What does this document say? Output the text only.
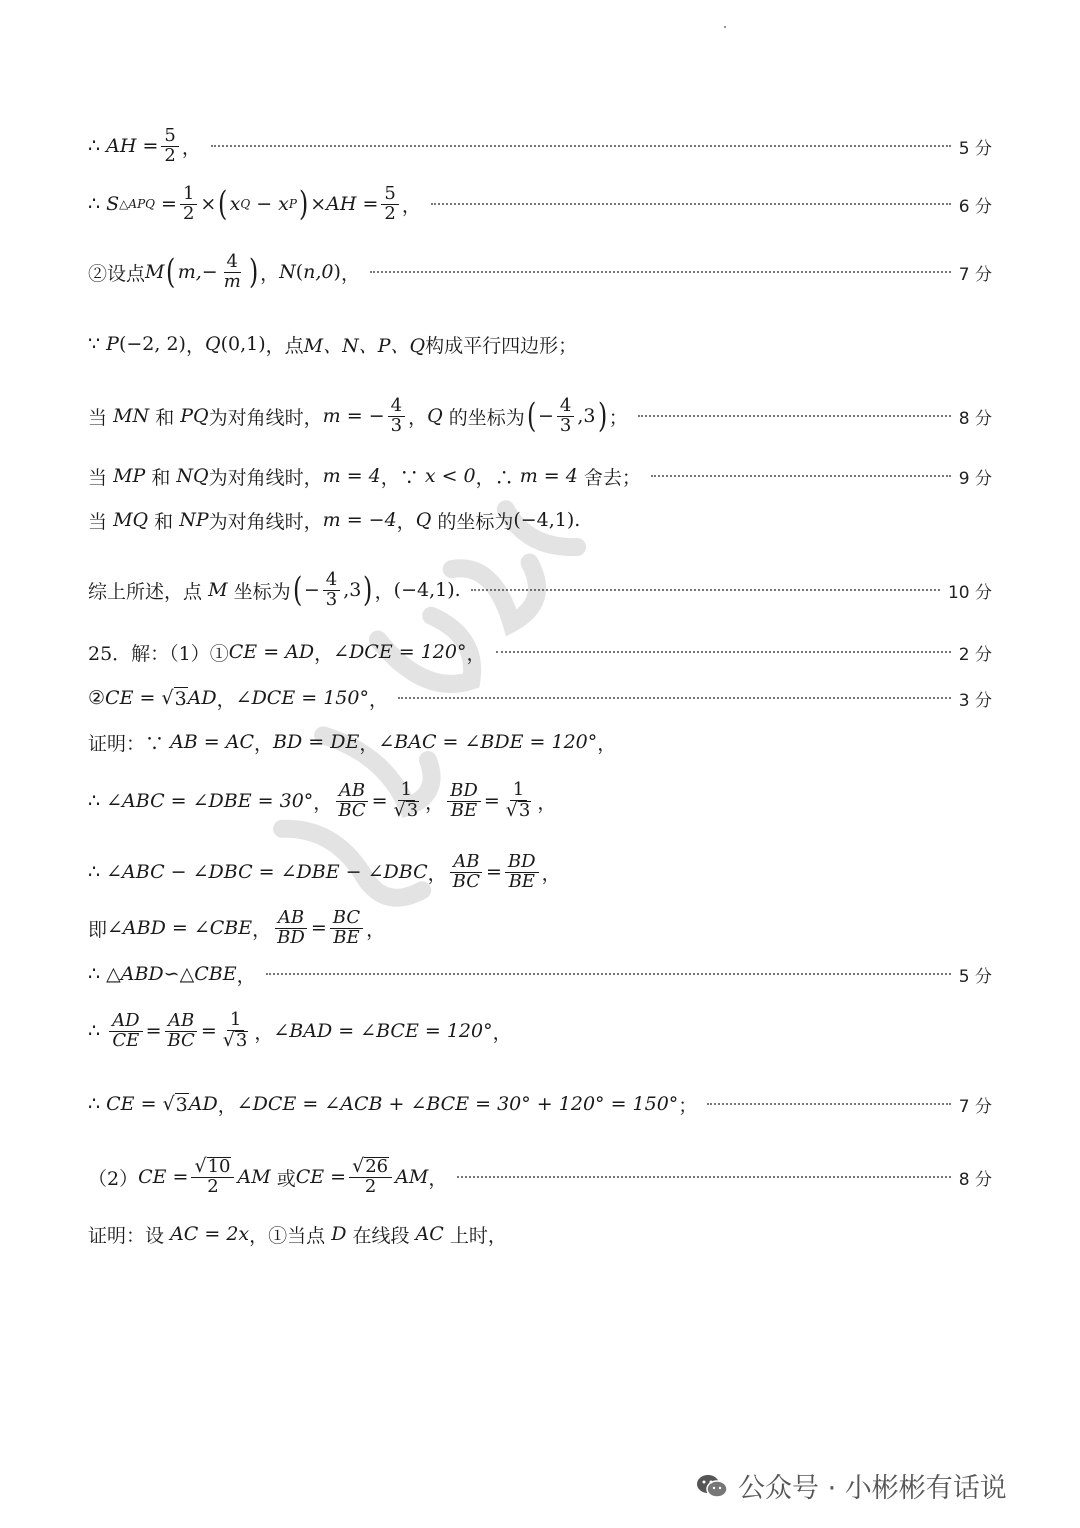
∴
AH
= $\frac{5}{2}$ ，	5 分
∴
S △APQ
= $\frac{1}{2}$ × ( x Q
−
x P ) $\times AH = \frac{5}{2}$ ，	6 分
②设点 M ( $m,- \frac{4}{m}$ ) ， N ( n,0 ) ，	7 分
∵
P ( −2, 2 ) ， Q ( 0,1 ) ，点 M、N、P、Q 构成平行四边形；
当
MN
和
PQ 为对角线时， m
= − $\frac{4}{3}$ ， Q
的坐标为 ( − $\frac{4}{3} ,3$ ) ；	8 分
当
MP
和
NQ 为对角线时， m = 4 ，∵
x < 0 ，∴
m = 4
舍去；	9 分
当
MQ
和
NP 为对角线时， m = −4 ， Q
的坐标为 (−4,1) .
综上所述，点
M
坐标为 ( − $\frac{4}{3} ,3$ ) ， (−4,1) .	10 分
25．解：（1）① CE = AD ， ∠DCE = 120° ，	2 分
② CE =
√ 3 AD ， ∠DCE = 150° ，	3 分
证明：∵
AB = AC ， BD = DE ， ∠BAC = ∠BDE = 120° ，
∴
∠ABC = ∠DBE = 30° ， $\frac{AB}{BC} = \frac{1}{√ 3}$ ， $\frac{BD}{BE} = \frac{1}{√ 3}$ ，
∴
∠ABC − ∠DBC = ∠DBE − ∠DBC ， $\frac{AB}{BC} = \frac{BD}{BE}$ ，
即 ∠ABD = ∠CBE ， $\frac{AB}{BD} = \frac{BC}{BE}$ ，
∴
△ABD∽△CBE ，	5 分
∴
$\frac{AD}{CE} = \frac{AB}{BC} = \frac{1}{√ 3}$ ， ∠BAD = ∠BCE = 120° ，
∴
CE =
√ 3 AD ， ∠DCE = ∠ACB + ∠BCE = 30° + 120° = 150° ；	7 分
（2） CE = $\frac{√ 10}{2}$ AM
或 CE = $\frac{√ 26}{2}$ AM ，	8 分
证明：设
AC = 2x ，①当点
D
在线段
AC
上时，
公众号 · 小彬彬有话说
